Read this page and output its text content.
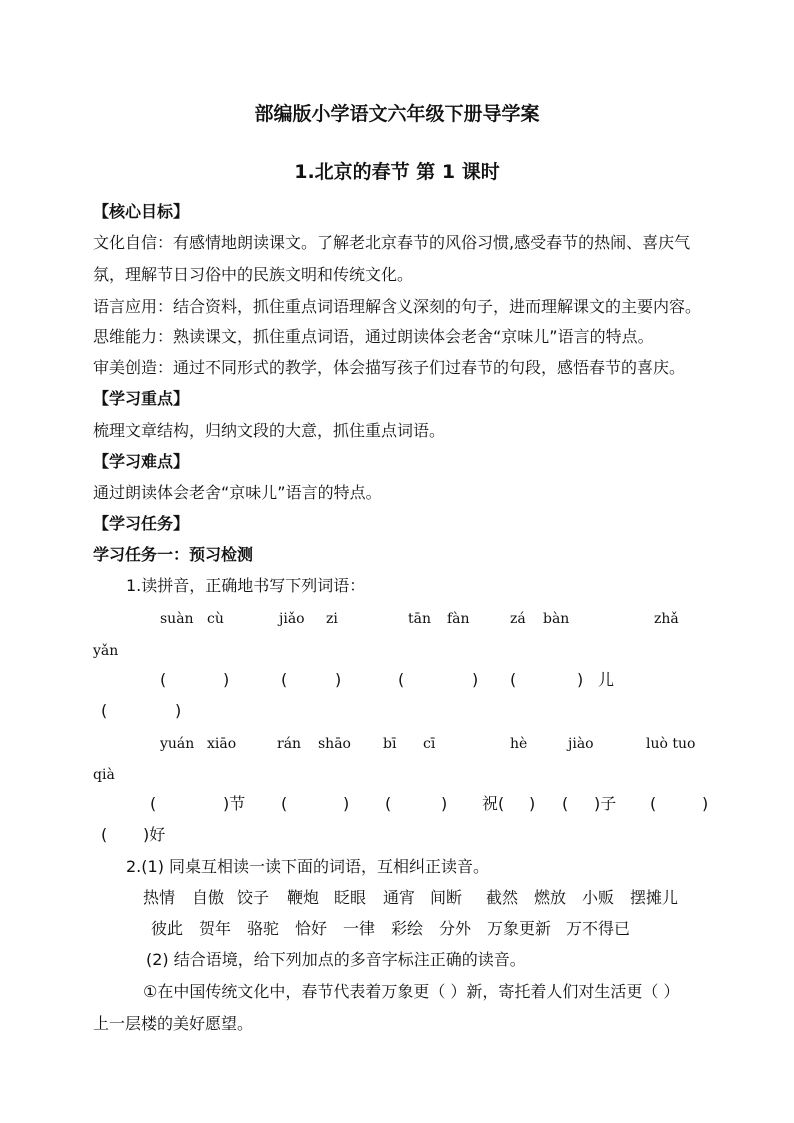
部编版小学语文六年级下册导学案
1.北京的春节 第 1 课时
【核心目标】
文化自信：有感情地朗读课文。了解老北京春节的风俗习惯,感受春节的热闹、喜庆气
氛，理解节日习俗中的民族文明和传统文化。
语言应用：结合资料，抓住重点词语理解含义深刻的句子，进而理解课文的主要内容。
思维能力：熟读课文，抓住重点词语，通过朗读体会老舍“京味儿”语言的特点。
审美创造：通过不同形式的教学，体会描写孩子们过春节的句段，感悟春节的喜庆。
【学习重点】
梳理文章结构，归纳文段的大意，抓住重点词语。
【学习难点】
通过朗读体会老舍“京味儿”语言的特点。
【学习任务】
学习任务一：预习检测
1.读拼音，正确地书写下列词语：
suàn cù	jiǎo zi	tān fàn	zá bàn	zhǎ
yǎn
(	)	(	)	(	) (	) 儿
(	)
yuán xiāo	rán shāo bī cī	hè	jiào	luò tuo
qià
(	)节 (	) (	) 祝( ) ( )子 (	)
( )好
2.(1) 同桌互相读一读下面的词语，互相纠正读音。
热情 自傲 饺子 鞭炮 眨眼 通宵 间断 截然 燃放 小贩 摆摊儿
彼此 贺年 骆驼 恰好 一律 彩绘 分外 万象更新 万不得已
(2) 结合语境，给下列加点的多音字标注正确的读音。
①在中国传统文化中，春节代表着万象更（ ）新，寄托着人们对生活更（ ）
上一层楼的美好愿望。
